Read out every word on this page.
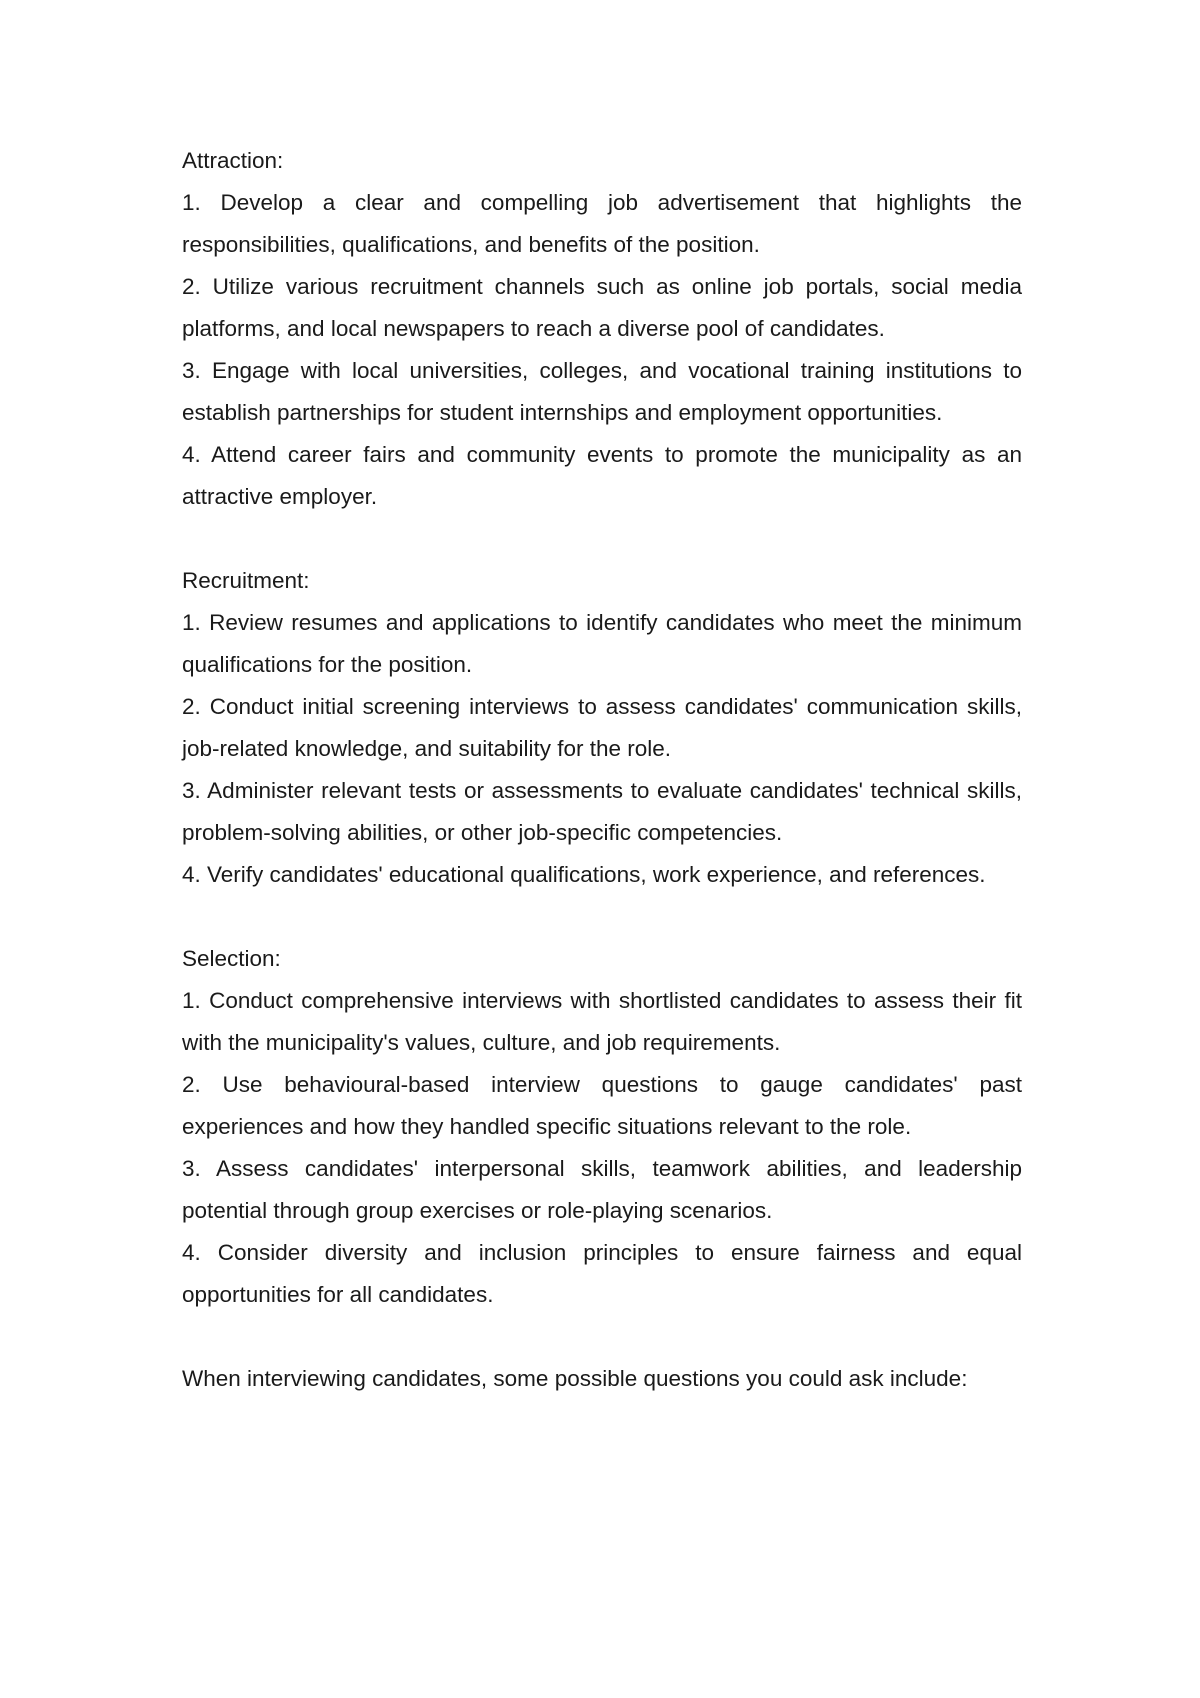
Attraction:

1. Develop a clear and compelling job advertisement that highlights the responsibilities, qualifications, and benefits of the position.

2. Utilize various recruitment channels such as online job portals, social media platforms, and local newspapers to reach a diverse pool of candidates.

3. Engage with local universities, colleges, and vocational training institutions to establish partnerships for student internships and employment opportunities.

4. Attend career fairs and community events to promote the municipality as an attractive employer.

Recruitment:

1. Review resumes and applications to identify candidates who meet the minimum qualifications for the position.

2. Conduct initial screening interviews to assess candidates' communication skills, job-related knowledge, and suitability for the role.

3. Administer relevant tests or assessments to evaluate candidates' technical skills, problem-solving abilities, or other job-specific competencies.

4. Verify candidates' educational qualifications, work experience, and references.

Selection:

1. Conduct comprehensive interviews with shortlisted candidates to assess their fit with the municipality's values, culture, and job requirements.

2. Use behavioural-based interview questions to gauge candidates' past experiences and how they handled specific situations relevant to the role.

3. Assess candidates' interpersonal skills, teamwork abilities, and leadership potential through group exercises or role-playing scenarios.

4. Consider diversity and inclusion principles to ensure fairness and equal opportunities for all candidates.

When interviewing candidates, some possible questions you could ask include:
